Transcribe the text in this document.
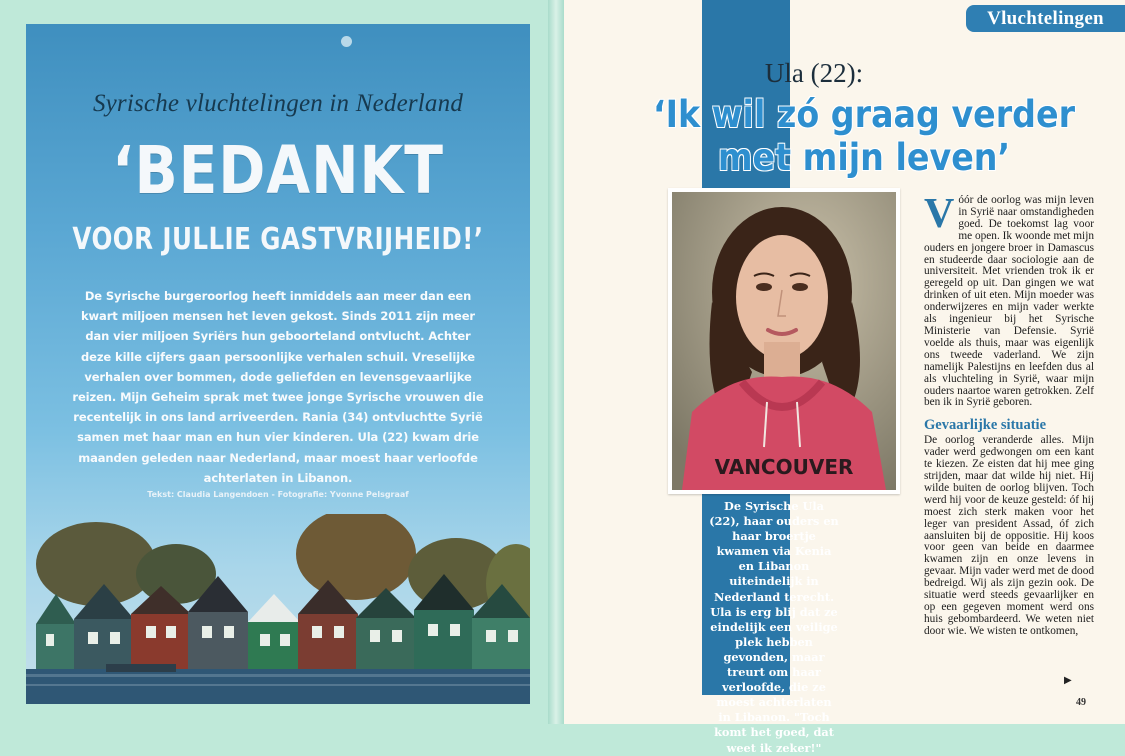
Syrische vluchtelingen in Nederland
‘BEDANKT
VOOR JULLIE GASTVRIJHEID!’

De Syrische burgeroorlog heeft inmiddels aan meer dan een kwart miljoen mensen het leven gekost. Sinds 2011 zijn meer dan vier miljoen Syriërs hun geboorteland ontvlucht. Achter deze kille cijfers gaan persoonlijke verhalen schuil. Vreselijke verhalen over bommen, dode geliefden en levensgevaarlijke reizen. Mijn Geheim sprak met twee jonge Syrische vrouwen die recentelijk in ons land arriveerden. Rania (34) ontvluchtte Syrië samen met haar man en hun vier kinderen. Ula (22) kwam drie maanden geleden naar Nederland, maar moest haar verloofde achterlaten in Libanon.

Tekst: Claudia Langendoen - Fotografie: Yvonne Pelsgraaf
Vluchtelingen
Ula (22):
‘Ik wil zó graag verder
met mijn leven’
VANCOUVER

De Syrische Ula (22), haar ouders en haar broertje kwamen via Kenia en Libanon uiteindelijk in Nederland terecht. Ula is erg blij dat ze eindelijk een veilige plek hebben gevonden, maar treurt om haar verloofde, die ze moest achterlaten in Libanon. "Toch komt het goed, dat weet ik zeker!"

Vóór de oorlog was mijn leven in Syrië naar omstandigheden goed. De toekomst lag voor me open. Ik woonde met mijn ouders en jongere broer in Damascus en studeerde daar sociologie aan de universiteit. Met vrienden trok ik er geregeld op uit. Dan gingen we wat drinken of uit eten. Mijn moeder was onderwijzeres en mijn vader werkte als ingenieur bij het Syrische Ministerie van Defensie. Syrië voelde als thuis, maar was eigenlijk ons tweede vaderland. We zijn namelijk Palestijns en leefden dus al als vluchteling in Syrië, waar mijn ouders naartoe waren getrokken. Zelf ben ik in Syrië geboren.

Gevaarlijke situatie

De oorlog veranderde alles. Mijn vader werd gedwongen om een kant te kiezen. Ze eisten dat hij mee ging strijden, maar dat wilde hij niet. Hij wilde buiten de oorlog blijven. Toch werd hij voor de keuze gesteld: óf hij moest zich sterk maken voor het leger van president Assad, óf zich aansluiten bij de oppositie. Hij koos voor geen van beide en daarmee kwamen zijn en onze levens in gevaar. Mijn vader werd met de dood bedreigd. Wij als zijn gezin ook. De situatie werd steeds gevaarlijker en op een gegeven moment werd ons huis gebombardeerd. We weten niet door wie. We wisten te ontkomen,

▶
49
